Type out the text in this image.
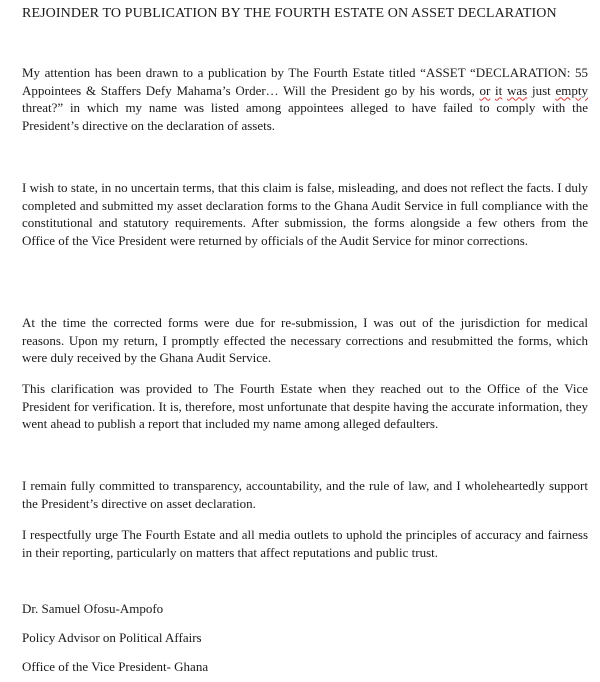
REJOINDER TO PUBLICATION BY THE FOURTH ESTATE ON ASSET DECLARATION
My attention has been drawn to a publication by The Fourth Estate titled “ASSET “DECLARATION: 55 Appointees & Staffers Defy Mahama’s Order… Will the President go by his words, or it was just empty threat?” in which my name was listed among appointees alleged to have failed to comply with the President’s directive on the declaration of assets.
I wish to state, in no uncertain terms, that this claim is false, misleading, and does not reflect the facts. I duly completed and submitted my asset declaration forms to the Ghana Audit Service in full compliance with the constitutional and statutory requirements. After submission, the forms alongside a few others from the Office of the Vice President were returned by officials of the Audit Service for minor corrections.
At the time the corrected forms were due for re-submission, I was out of the jurisdiction for medical reasons. Upon my return, I promptly effected the necessary corrections and resubmitted the forms, which were duly received by the Ghana Audit Service.
This clarification was provided to The Fourth Estate when they reached out to the Office of the Vice President for verification. It is, therefore, most unfortunate that despite having the accurate information, they went ahead to publish a report that included my name among alleged defaulters.
I remain fully committed to transparency, accountability, and the rule of law, and I wholeheartedly support the President’s directive on asset declaration.
I respectfully urge The Fourth Estate and all media outlets to uphold the principles of accuracy and fairness in their reporting, particularly on matters that affect reputations and public trust.
Dr. Samuel Ofosu-Ampofo
Policy Advisor on Political Affairs
Office of the Vice President- Ghana
